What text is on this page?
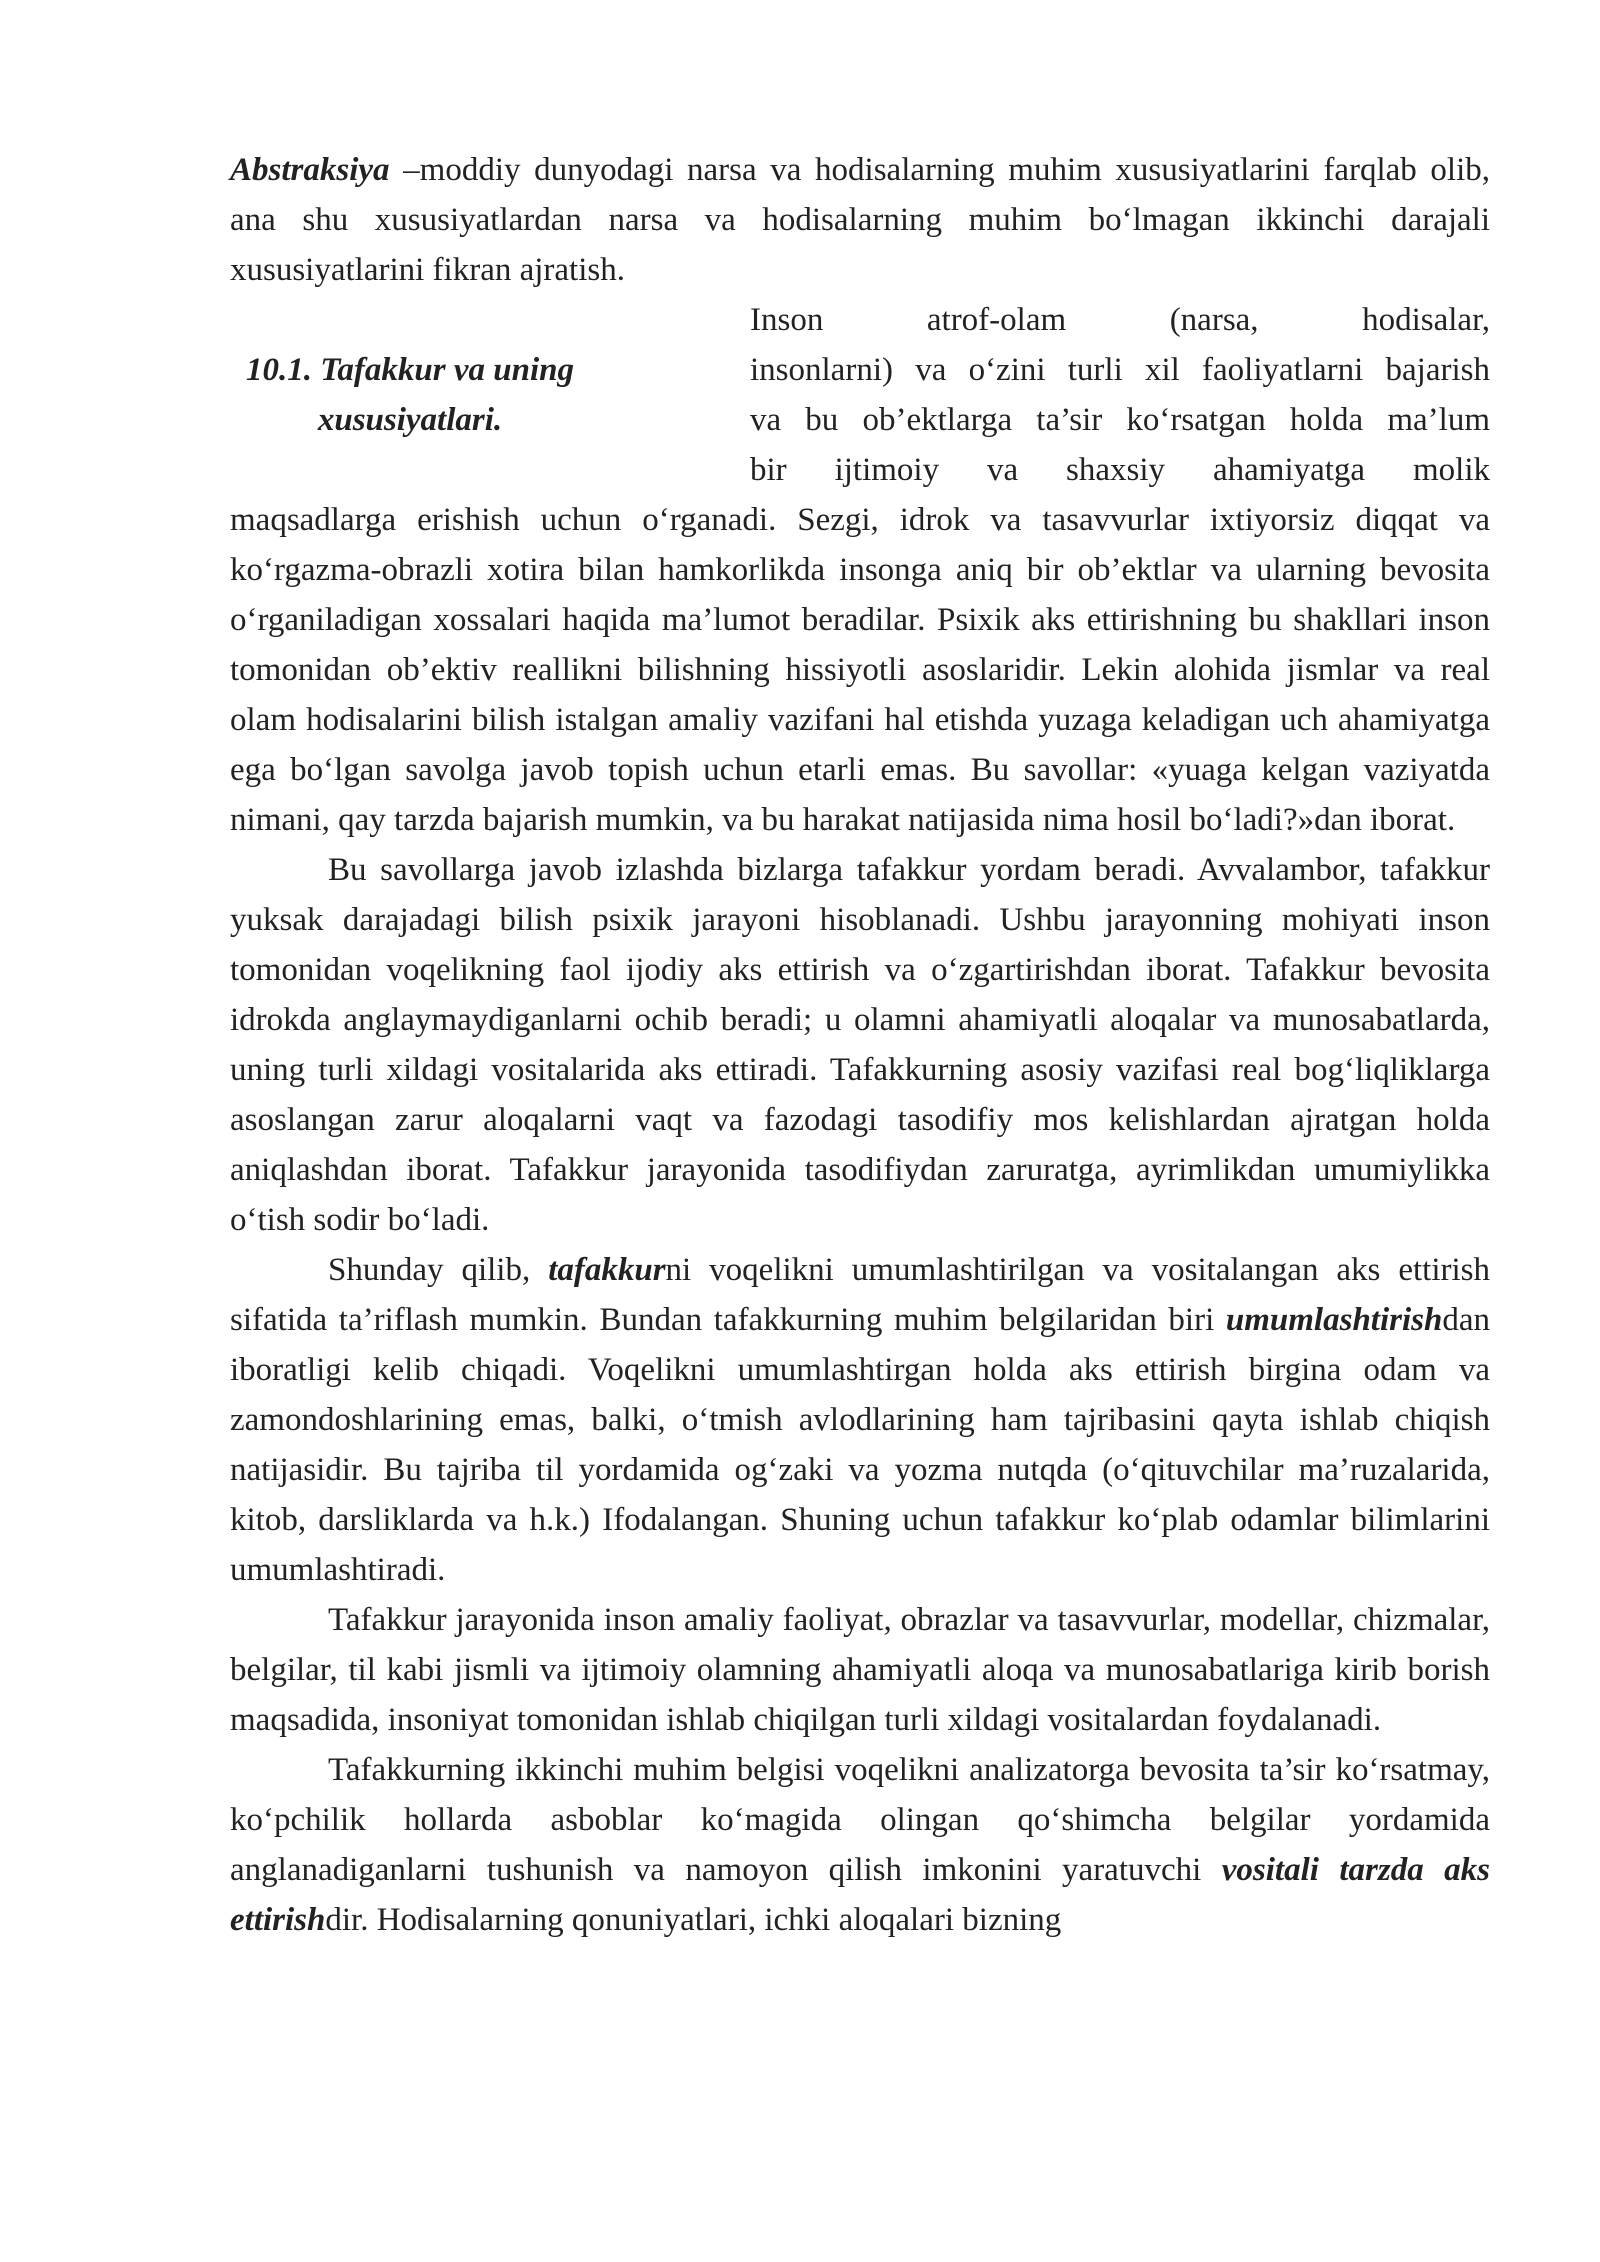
Abstraksiya –moddiy dunyodagi narsa va hodisalarning muhim xususiyatlarini farqlab olib, ana shu xususiyatlardan narsa va hodisalarning muhim bo‘lmagan ikkinchi darajali xususiyatlarini fikran ajratish.

10.1. Tafakkur va uning
xususiyatlari.
Inson atrof-olam (narsa, hodisalar,
insonlarni) va o‘zini turli xil faoliyatlarni bajarish
va bu ob’ektlarga ta’sir ko‘rsatgan holda ma’lum
bir ijtimoiy va shaxsiy ahamiyatga molik

maqsadlarga erishish uchun o‘rganadi. Sezgi, idrok va tasavvurlar ixtiyorsiz diqqat va ko‘rgazma-obrazli xotira bilan hamkorlikda insonga aniq bir ob’ektlar va ularning bevosita o‘rganiladigan xossalari haqida ma’lumot beradilar. Psixik aks ettirishning bu shakllari inson tomonidan ob’ektiv reallikni bilishning hissiyotli asoslaridir. Lekin alohida jismlar va real olam hodisalarini bilish istalgan amaliy vazifani hal etishda yuzaga keladigan uch ahamiyatga ega bo‘lgan savolga javob topish uchun etarli emas. Bu savollar: «yuaga kelgan vaziyatda nimani, qay tarzda bajarish mumkin, va bu harakat natijasida nima hosil bo‘ladi?»dan iborat.

Bu savollarga javob izlashda bizlarga tafakkur yordam beradi. Avvalambor, tafakkur yuksak darajadagi bilish psixik jarayoni hisoblanadi. Ushbu jarayonning mohiyati inson tomonidan voqelikning faol ijodiy aks ettirish va o‘zgartirishdan iborat. Tafakkur bevosita idrokda anglaymaydiganlarni ochib beradi; u olamni ahamiyatli aloqalar va munosabatlarda, uning turli xildagi vositalarida aks ettiradi. Tafakkurning asosiy vazifasi real bog‘liqliklarga asoslangan zarur aloqalarni vaqt va fazodagi tasodifiy mos kelishlardan ajratgan holda aniqlashdan iborat. Tafakkur jarayonida tasodifiydan zaruratga, ayrimlikdan umumiylikka o‘tish sodir bo‘ladi.

Shunday qilib, tafakkurni voqelikni umumlashtirilgan va vositalangan aks ettirish sifatida ta’riflash mumkin. Bundan tafakkurning muhim belgilaridan biri umumlashtirishdan iboratligi kelib chiqadi. Voqelikni umumlashtirgan holda aks ettirish birgina odam va zamondoshlarining emas, balki, o‘tmish avlodlarining ham tajribasini qayta ishlab chiqish natijasidir. Bu tajriba til yordamida og‘zaki va yozma nutqda (o‘qituvchilar ma’ruzalarida, kitob, darsliklarda va h.k.) Ifodalangan. Shuning uchun tafakkur ko‘plab odamlar bilimlarini umumlashtiradi.

Tafakkur jarayonida inson amaliy faoliyat, obrazlar va tasavvurlar, modellar, chizmalar, belgilar, til kabi jismli va ijtimoiy olamning ahamiyatli aloqa va munosabatlariga kirib borish maqsadida, insoniyat tomonidan ishlab chiqilgan turli xildagi vositalardan foydalanadi.

Tafakkurning ikkinchi muhim belgisi voqelikni analizatorga bevosita ta’sir ko‘rsatmay, ko‘pchilik hollarda asboblar ko‘magida olingan qo‘shimcha belgilar yordamida anglanadiganlarni tushunish va namoyon qilish imkonini yaratuvchi vositali tarzda aks ettirishdir. Hodisalarning qonuniyatlari, ichki aloqalari bizning
